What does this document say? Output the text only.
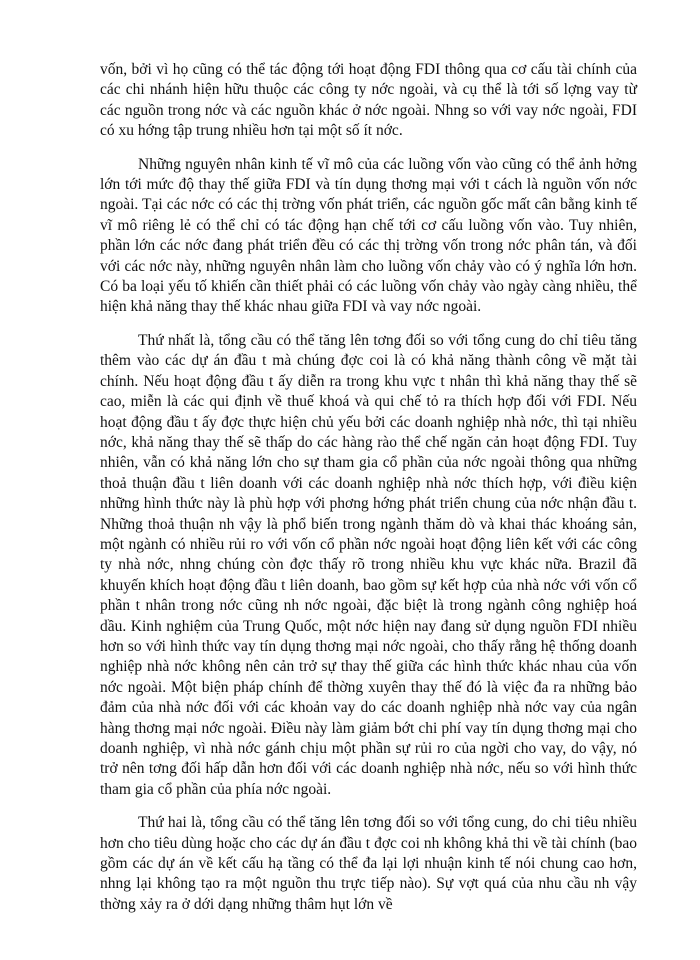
vốn, bởi vì họ cũng có thể tác động tới hoạt động FDI thông qua cơ cấu tài chính của các chi nhánh hiện hữu thuộc các công ty nớc ngoài, và cụ thể là tới số lợng vay từ các nguồn trong nớc và các nguồn khác ở nớc ngoài. Nhng so với vay nớc ngoài, FDI có xu hớng tập trung nhiều hơn tại một số ít nớc.

Những nguyên nhân kinh tế vĩ mô của các luồng vốn vào cũng có thể ảnh hởng lớn tới mức độ thay thế giữa FDI và tín dụng thơng mại với t cách là nguồn vốn nớc ngoài. Tại các nớc có các thị trờng vốn phát triển, các nguồn gốc mất cân bằng kinh tế vĩ mô riêng lẻ có thể chỉ có tác động hạn chế tới cơ cấu luồng vốn vào. Tuy nhiên, phần lớn các nớc đang phát triển đều có các thị trờng vốn trong nớc phân tán, và đối với các nớc này, những nguyên nhân làm cho luồng vốn chảy vào có ý nghĩa lớn hơn. Có ba loại yếu tố khiến cần thiết phải có các luồng vốn chảy vào ngày càng nhiều, thể hiện khả năng thay thế khác nhau giữa FDI và vay nớc ngoài.

Thứ nhất là, tổng cầu có thể tăng lên tơng đối so với tổng cung do chỉ tiêu tăng thêm vào các dự án đầu t mà chúng đợc coi là có khả năng thành công về mặt tài chính. Nếu hoạt động đầu t ấy diễn ra trong khu vực t nhân thì khả năng thay thế sẽ cao, miễn là các qui định về thuế khoá và qui chế tỏ ra thích hợp đối với FDI. Nếu hoạt động đầu t ấy đợc thực hiện chủ yếu bởi các doanh nghiệp nhà nớc, thì tại nhiều nớc, khả năng thay thế sẽ thấp do các hàng rào thể chế ngăn cản hoạt động FDI. Tuy nhiên, vẫn có khả năng lớn cho sự tham gia cổ phần của nớc ngoài thông qua những thoả thuận đầu t liên doanh với các doanh nghiệp nhà nớc thích hợp, với điều kiện những hình thức này là phù hợp với phơng hớng phát triển chung của nớc nhận đầu t. Những thoả thuận nh vậy là phổ biến trong ngành thăm dò và khai thác khoáng sản, một ngành có nhiều rủi ro với vốn cổ phần nớc ngoài hoạt động liên kết với các công ty nhà nớc, nhng chúng còn đợc thấy rõ trong nhiều khu vực khác nữa. Brazil đã khuyến khích hoạt động đầu t liên doanh, bao gồm sự kết hợp của nhà nớc với vốn cổ phần t nhân trong nớc cũng nh nớc ngoài, đặc biệt là trong ngành công nghiệp hoá dầu. Kinh nghiệm của Trung Quốc, một nớc hiện nay đang sử dụng nguồn FDI nhiều hơn so với hình thức vay tín dụng thơng mại nớc ngoài, cho thấy rằng hệ thống doanh nghiệp nhà nớc không nên cản trở sự thay thế giữa các hình thức khác nhau của vốn nớc ngoài. Một biện pháp chính để thờng xuyên thay thế đó là việc đa ra những bảo đảm của nhà nớc đối với các khoản vay do các doanh nghiệp nhà nớc vay của ngân hàng thơng mại nớc ngoài. Điều này làm giảm bớt chi phí vay tín dụng thơng mại cho doanh nghiệp, vì nhà nớc gánh chịu một phần sự rủi ro của ngời cho vay, do vậy, nó trở nên tơng đối hấp dẫn hơn đối với các doanh nghiệp nhà nớc, nếu so với hình thức tham gia cổ phần của phía nớc ngoài.

Thứ hai là, tổng cầu có thể tăng lên tơng đối so với tổng cung, do chi tiêu nhiều hơn cho tiêu dùng hoặc cho các dự án đầu t đợc coi nh không khả thi về tài chính (bao gồm các dự án về kết cấu hạ tầng có thể đa lại lợi nhuận kinh tế nói chung cao hơn, nhng lại không tạo ra một nguồn thu trực tiếp nào). Sự vợt quá của nhu cầu nh vậy thờng xảy ra ở dới dạng những thâm hụt lớn về
